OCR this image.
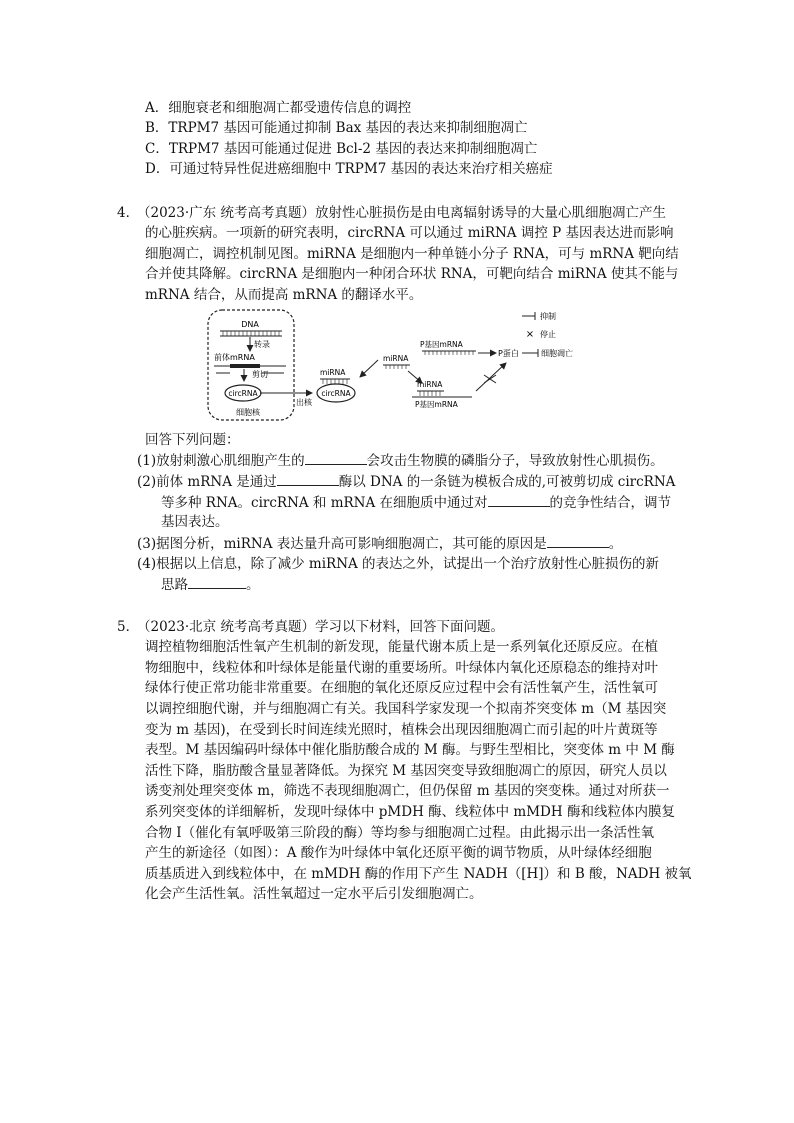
A．细胞衰老和细胞凋亡都受遗传信息的调控
B．TRPM7 基因可能通过抑制 Bax 基因的表达来抑制细胞凋亡
C．TRPM7 基因可能通过促进 Bcl-2 基因的表达来抑制细胞凋亡
D．可通过特异性促进癌细胞中 TRPM7 基因的表达来治疗相关癌症
4．
（2023·广东 统考高考真题）放射性心脏损伤是由电离辐射诱导的大量心肌细胞凋亡产生
的心脏疾病。一项新的研究表明，circRNA 可以通过 miRNA 调控 P 基因表达进而影响
细胞凋亡，调控机制见图。miRNA 是细胞内一种单链小分子 RNA，可与 mRNA 靶向结
合并使其降解。circRNA 是细胞内一种闭合环状 RNA，可靶向结合 miRNA 使其不能与
mRNA 结合，从而提高 mRNA 的翻译水平。
DNA
转录
前体mRNA
剪切
circRNA
细胞核
出核
miRNA
circRNA
miRNA
P基因mRNA
P蛋白	细胞凋亡
miRNA
P基因mRNA
抑制
× 停止
回答下列问题：
(1)放射刺激心肌细胞产生的	会攻击生物膜的磷脂分子，导致放射性心肌损伤。
(2)前体 mRNA 是通过	酶以 DNA 的一条链为模板合成的,可被剪切成 circRNA
等多种 RNA。circRNA 和 mRNA 在细胞质中通过对	的竞争性结合，调节
基因表达。
(3)据图分析，miRNA 表达量升高可影响细胞凋亡，其可能的原因是	。
(4)根据以上信息，除了减少 miRNA 的表达之外，试提出一个治疗放射性心脏损伤的新
思路	。
5．
（2023·北京 统考高考真题）学习以下材料，回答下面问题。
调控植物细胞活性氧产生机制的新发现，能量代谢本质上是一系列氧化还原反应。在植
物细胞中，线粒体和叶绿体是能量代谢的重要场所。叶绿体内氧化还原稳态的维持对叶
绿体行使正常功能非常重要。在细胞的氧化还原反应过程中会有活性氧产生，活性氧可
以调控细胞代谢，并与细胞凋亡有关。我国科学家发现一个拟南芥突变体 m（M 基因突
变为 m 基因)，在受到长时间连续光照时，植株会出现因细胞凋亡而引起的叶片黄斑等
表型。M 基因编码叶绿体中催化脂肪酸合成的 M 酶。与野生型相比，突变体 m 中 M 酶
活性下降，脂肪酸含量显著降低。为探究 M 基因突变导致细胞凋亡的原因，研究人员以
诱变剂处理突变体 m，筛选不表现细胞凋亡，但仍保留 m 基因的突变株。通过对所获一
系列突变体的详细解析，发现叶绿体中 pMDH 酶、线粒体中 mMDH 酶和线粒体内膜复
合物 I（催化有氧呼吸第三阶段的酶）等均参与细胞凋亡过程。由此揭示出一条活性氧
产生的新途径（如图）：A 酸作为叶绿体中氧化还原平衡的调节物质，从叶绿体经细胞
质基质进入到线粒体中，在 mMDH 酶的作用下产生 NADH（[H]）和 B 酸，NADH 被氧
化会产生活性氧。活性氧超过一定水平后引发细胞凋亡。
